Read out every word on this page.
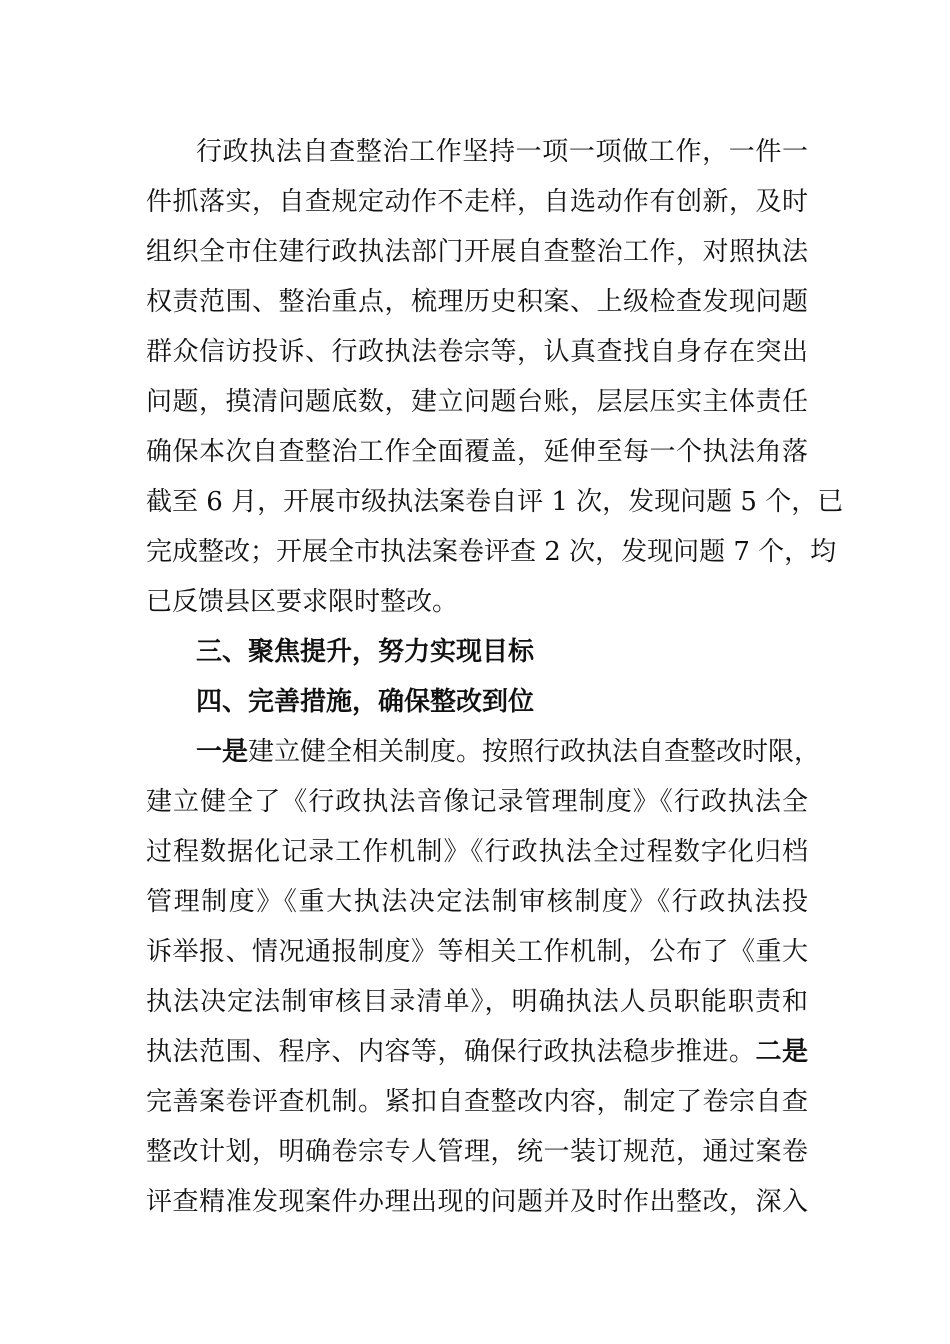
行政执法自查整治工作坚持一项一项做工作，一件一
件抓落实，自查规定动作不走样，自选动作有创新，及时
组织全市住建行政执法部门开展自查整治工作，对照执法
权责范围、整治重点，梳理历史积案、上级检查发现问题
群众信访投诉、行政执法卷宗等，认真查找自身存在突出
问题，摸清问题底数，建立问题台账，层层压实主体责任
确保本次自查整治工作全面覆盖，延伸至每一个执法角落
截至 6 月，开展市级执法案卷自评 1 次，发现问题 5 个，已
完成整改；开展全市执法案卷评查 2 次，发现问题 7 个，均
已反馈县区要求限时整改。
三、聚焦提升，努力实现目标
四、完善措施，确保整改到位
一是建立健全相关制度。按照行政执法自查整改时限，
建立健全了《行政执法音像记录管理制度》《行政执法全
过程数据化记录工作机制》《行政执法全过程数字化归档
管理制度》《重大执法决定法制审核制度》《行政执法投
诉举报、情况通报制度》等相关工作机制，公布了《重大
执法决定法制审核目录清单》，明确执法人员职能职责和
执法范围、程序、内容等，确保行政执法稳步推进。二是
完善案卷评查机制。紧扣自查整改内容，制定了卷宗自查
整改计划，明确卷宗专人管理，统一装订规范，通过案卷
评查精准发现案件办理出现的问题并及时作出整改，深入
